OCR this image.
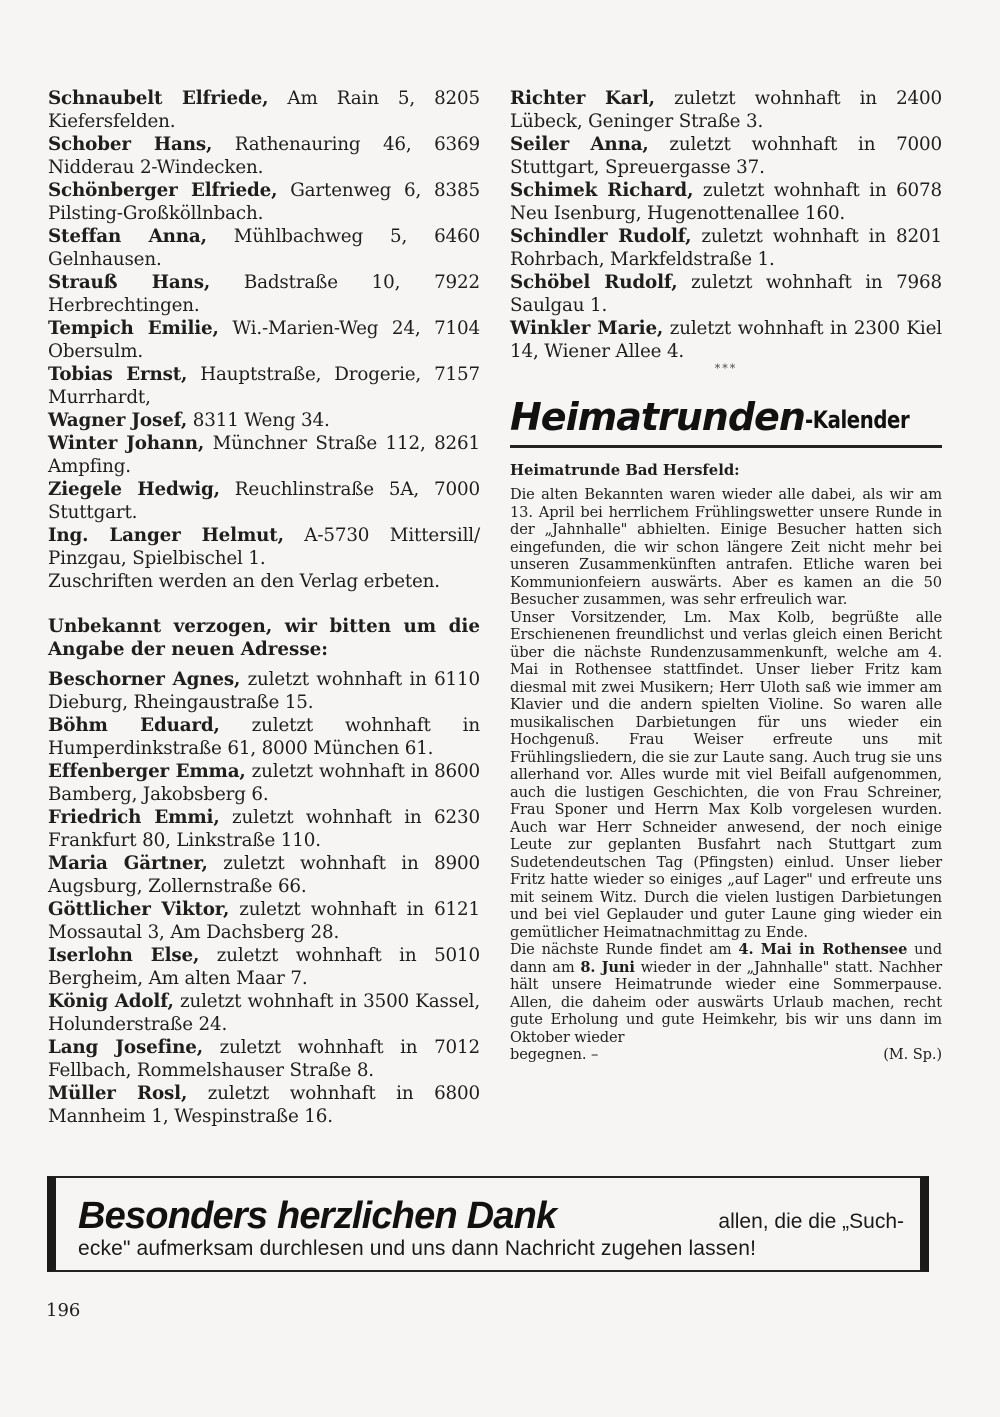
Schnaubelt Elfriede, Am Rain 5, 8205 Kiefersfelden.

Schober Hans, Rathenauring 46, 6369 Nidderau 2-Windecken.

Schönberger Elfriede, Gartenweg 6, 8385 Pilsting-Großköllnbach.

Steffan Anna, Mühlbachweg 5, 6460 Gelnhausen.

Strauß Hans, Badstraße 10, 7922 Herbrechtingen.

Tempich Emilie, Wi.-Marien-Weg 24, 7104 Obersulm.

Tobias Ernst, Hauptstraße, Drogerie, 7157 Murrhardt,

Wagner Josef, 8311 Weng 34.

Winter Johann, Münchner Straße 112, 8261 Ampfing.

Ziegele Hedwig, Reuchlinstraße 5A, 7000 Stuttgart.

Ing. Langer Helmut, A-5730 Mittersill/ Pinzgau, Spielbischel 1.

Zuschriften werden an den Verlag erbeten.

Unbekannt verzogen, wir bitten um die Angabe der neuen Adresse:

Beschorner Agnes, zuletzt wohnhaft in 6110 Dieburg, Rheingaustraße 15.

Böhm Eduard, zuletzt wohnhaft in Humperdinkstraße 61, 8000 München 61.

Effenberger Emma, zuletzt wohnhaft in 8600 Bamberg, Jakobsberg 6.

Friedrich Emmi, zuletzt wohnhaft in 6230 Frankfurt 80, Linkstraße 110.

Maria Gärtner, zuletzt wohnhaft in 8900 Augsburg, Zollernstraße 66.

Göttlicher Viktor, zuletzt wohnhaft in 6121 Mossautal 3, Am Dachsberg 28.

Iserlohn Else, zuletzt wohnhaft in 5010 Bergheim, Am alten Maar 7.

König Adolf, zuletzt wohnhaft in 3500 Kassel, Holunderstraße 24.

Lang Josefine, zuletzt wohnhaft in 7012 Fellbach, Rommelshauser Straße 8.

Müller Rosl, zuletzt wohnhaft in 6800 Mannheim 1, Wespinstraße 16.

Richter Karl, zuletzt wohnhaft in 2400 Lübeck, Geninger Straße 3.

Seiler Anna, zuletzt wohnhaft in 7000 Stuttgart, Spreuergasse 37.

Schimek Richard, zuletzt wohnhaft in 6078 Neu Isenburg, Hugenottenallee 160.

Schindler Rudolf, zuletzt wohnhaft in 8201 Rohrbach, Markfeldstraße 1.

Schöbel Rudolf, zuletzt wohnhaft in 7968 Saulgau 1.

Winkler Marie, zuletzt wohnhaft in 2300 Kiel 14, Wiener Allee 4.

***

Heimatrunden -Kalender
Heimatrunde Bad Hersfeld:

Die alten Bekannten waren wieder alle dabei, als wir am 13. April bei herrlichem Frühlingswetter unsere Runde in der „Jahnhalle" abhielten. Einige Besucher hatten sich eingefunden, die wir schon längere Zeit nicht mehr bei unseren Zusammenkünften antrafen. Etliche waren bei Kommunionfeiern auswärts. Aber es kamen an die 50 Besucher zusammen, was sehr erfreulich war.

Unser Vorsitzender, Lm. Max Kolb, begrüßte alle Erschienenen freundlichst und verlas gleich einen Bericht über die nächste Rundenzusammenkunft, welche am 4. Mai in Rothensee stattfindet. Unser lieber Fritz kam diesmal mit zwei Musikern; Herr Uloth saß wie immer am Klavier und die andern spielten Violine. So waren alle musikalischen Darbietungen für uns wieder ein Hochgenuß. Frau Weiser erfreute uns mit Frühlingsliedern, die sie zur Laute sang. Auch trug sie uns allerhand vor. Alles wurde mit viel Beifall aufgenommen, auch die lustigen Geschichten, die von Frau Schreiner, Frau Sponer und Herrn Max Kolb vorgelesen wurden. Auch war Herr Schneider anwesend, der noch einige Leute zur geplanten Busfahrt nach Stuttgart zum Sudetendeutschen Tag (Pfingsten) einlud. Unser lieber Fritz hatte wieder so einiges „auf Lager" und erfreute uns mit seinem Witz. Durch die vielen lustigen Darbietungen und bei viel Geplauder und guter Laune ging wieder ein gemütlicher Heimatnachmittag zu Ende.

Die nächste Runde findet am 4. Mai in Rothensee und dann am 8. Juni wieder in der „Jahnhalle" statt. Nachher hält unsere Heimatrunde wieder eine Sommerpause. Allen, die daheim oder auswärts Urlaub machen, recht gute Erholung und gute Heimkehr, bis wir uns dann im Oktober wieder

begegnen. –	(M. Sp.)

Besonders herzlichen Dank	allen, die die „Such-
ecke" aufmerksam durchlesen und uns dann Nachricht zugehen lassen!
196
